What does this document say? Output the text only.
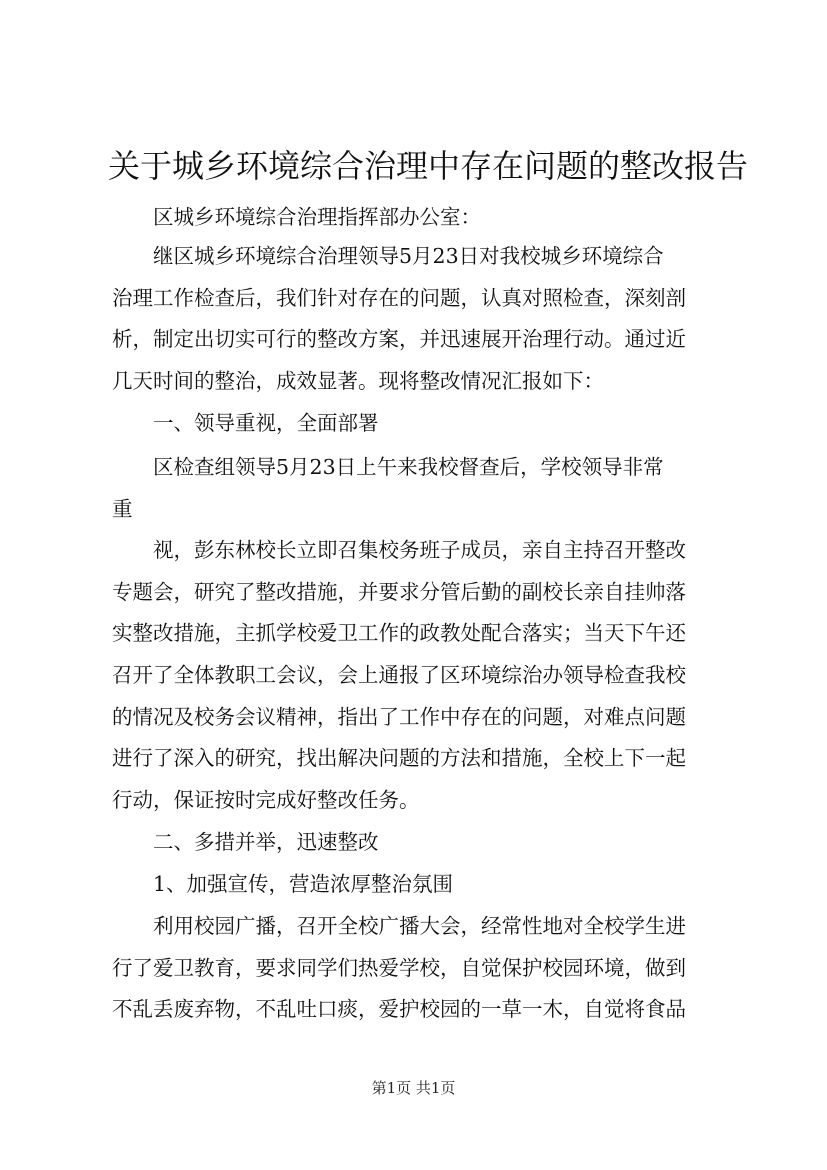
关于城乡环境综合治理中存在问题的整改报告

区城乡环境综合治理指挥部办公室：

继区城乡环境综合治理领导5月23日对我校城乡环境综合

治理工作检查后，我们针对存在的问题，认真对照检查，深刻剖

析，制定出切实可行的整改方案，并迅速展开治理行动。通过近

几天时间的整治，成效显著。现将整改情况汇报如下：

一、领导重视，全面部署

区检查组领导5月23日上午来我校督查后，学校领导非常

重

视，彭东林校长立即召集校务班子成员，亲自主持召开整改

专题会，研究了整改措施，并要求分管后勤的副校长亲自挂帅落

实整改措施，主抓学校爱卫工作的政教处配合落实；当天下午还

召开了全体教职工会议，会上通报了区环境综治办领导检查我校

的情况及校务会议精神，指出了工作中存在的问题，对难点问题

进行了深入的研究，找出解决问题的方法和措施，全校上下一起

行动，保证按时完成好整改任务。

二、多措并举，迅速整改

1、加强宣传，营造浓厚整治氛围

利用校园广播，召开全校广播大会，经常性地对全校学生进

行了爱卫教育，要求同学们热爱学校，自觉保护校园环境，做到

不乱丢废弃物，不乱吐口痰，爱护校园的一草一木，自觉将食品

第1页 共1页
